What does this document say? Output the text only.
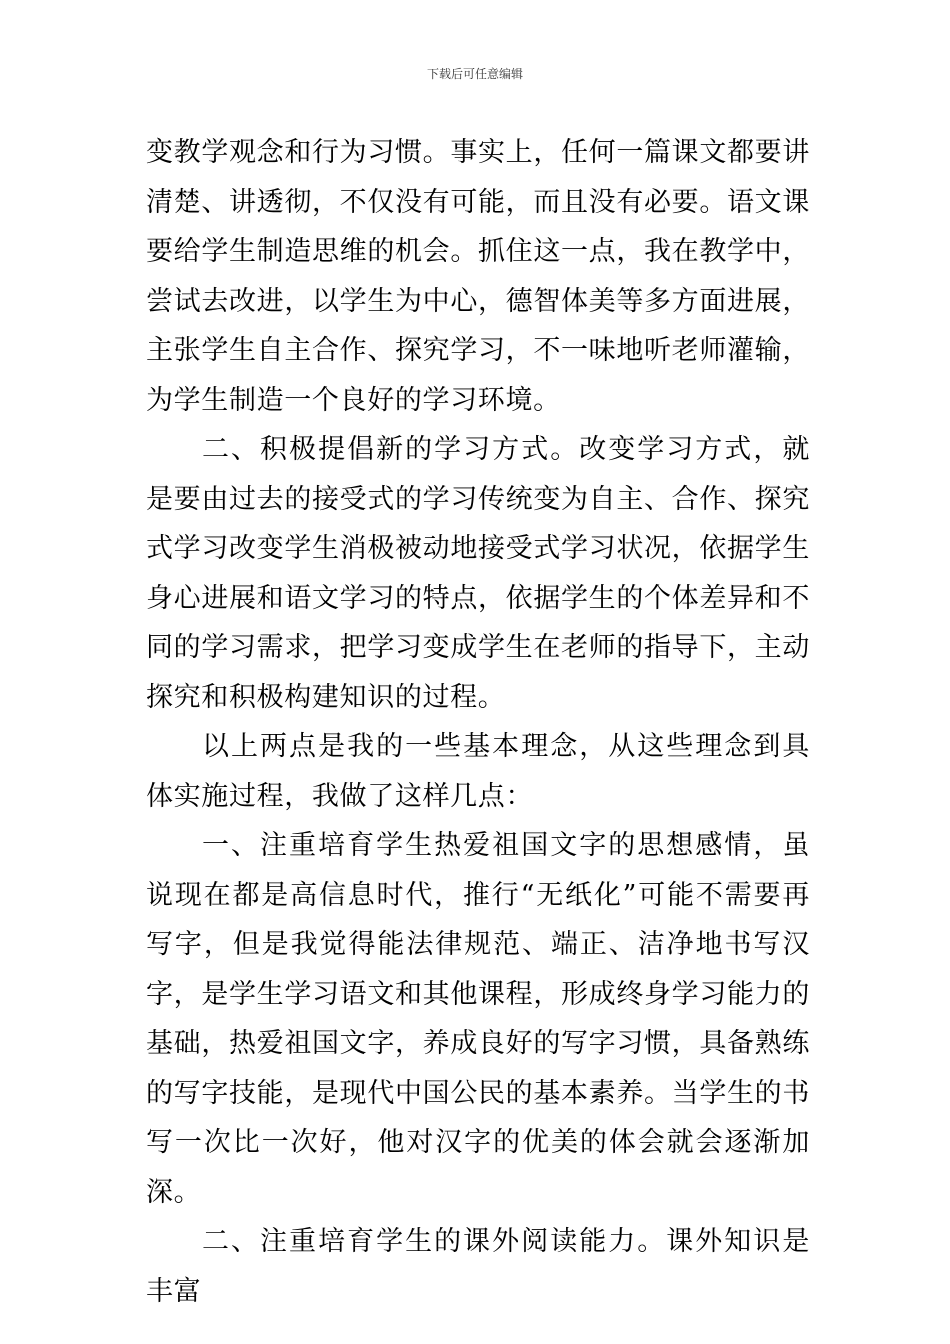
下载后可任意编辑

变教学观念和行为习惯。事实上，任何一篇课文都要讲清楚、讲透彻，不仅没有可能，而且没有必要。语文课要给学生制造思维的机会。抓住这一点，我在教学中，尝试去改进，以学生为中心，德智体美等多方面进展，主张学生自主合作、探究学习，不一味地听老师灌输，为学生制造一个良好的学习环境。

二、积极提倡新的学习方式。改变学习方式，就是要由过去的接受式的学习传统变为自主、合作、探究式学习改变学生消极被动地接受式学习状况，依据学生身心进展和语文学习的特点，依据学生的个体差异和不同的学习需求，把学习变成学生在老师的指导下，主动探究和积极构建知识的过程。

以上两点是我的一些基本理念，从这些理念到具体实施过程，我做了这样几点：

一、注重培育学生热爱祖国文字的思想感情，虽说现在都是高信息时代，推行“无纸化”可能不需要再写字，但是我觉得能法律规范、端正、洁净地书写汉字，是学生学习语文和其他课程，形成终身学习能力的基础，热爱祖国文字，养成良好的写字习惯，具备熟练的写字技能，是现代中国公民的基本素养。当学生的书写一次比一次好，他对汉字的优美的体会就会逐渐加深。

二、注重培育学生的课外阅读能力。课外知识是丰富
